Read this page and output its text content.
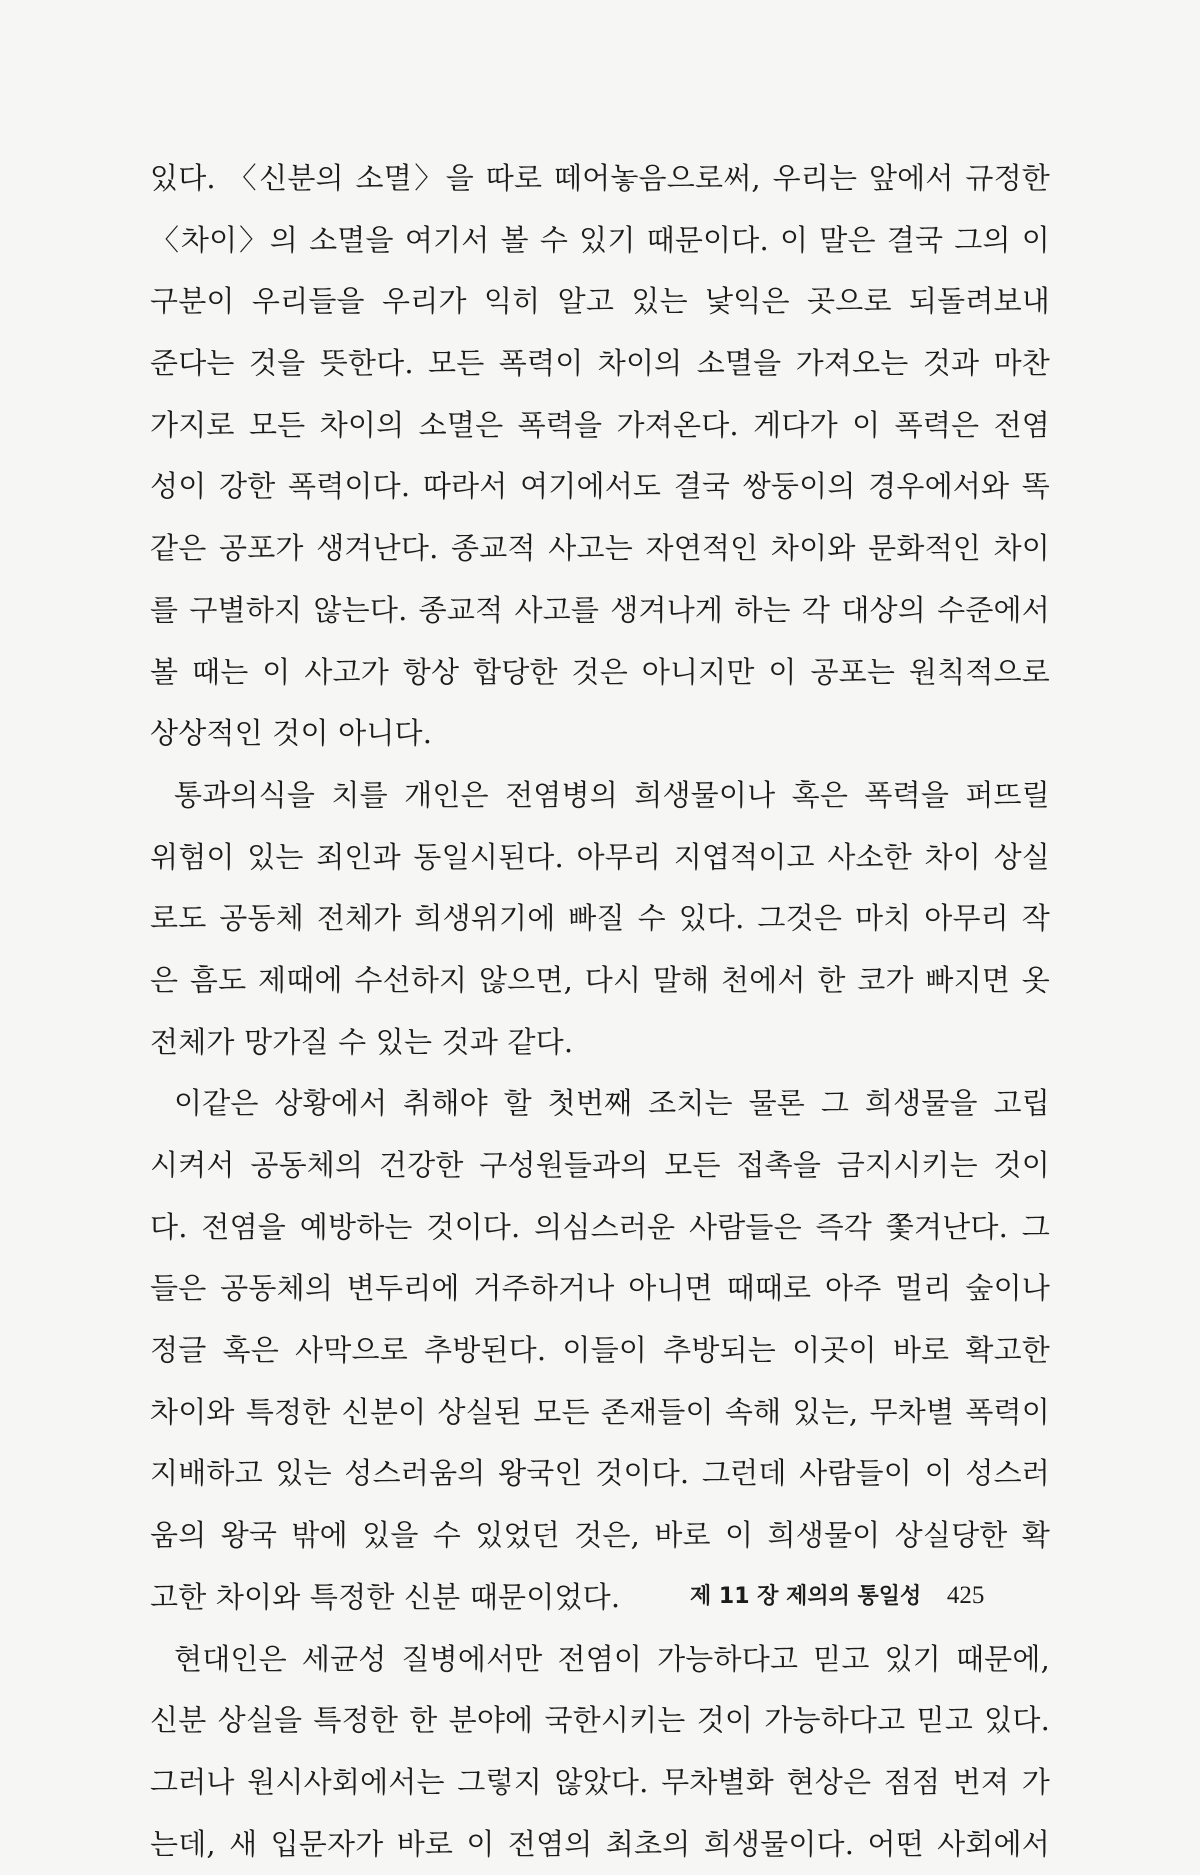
있다. 〈신분의 소멸〉을 따로 떼어놓음으로써, 우리는 앞에서 규정한
〈차이〉의 소멸을 여기서 볼 수 있기 때문이다. 이 말은 결국 그의 이
구분이 우리들을 우리가 익히 알고 있는 낯익은 곳으로 되돌려보내
준다는 것을 뜻한다. 모든 폭력이 차이의 소멸을 가져오는 것과 마찬
가지로 모든 차이의 소멸은 폭력을 가져온다. 게다가 이 폭력은 전염
성이 강한 폭력이다. 따라서 여기에서도 결국 쌍둥이의 경우에서와 똑
같은 공포가 생겨난다. 종교적 사고는 자연적인 차이와 문화적인 차이
를 구별하지 않는다. 종교적 사고를 생겨나게 하는 각 대상의 수준에서
볼 때는 이 사고가 항상 합당한 것은 아니지만 이 공포는 원칙적으로
상상적인 것이 아니다.
통과의식을 치를 개인은 전염병의 희생물이나 혹은 폭력을 퍼뜨릴
위험이 있는 죄인과 동일시된다. 아무리 지엽적이고 사소한 차이 상실
로도 공동체 전체가 희생위기에 빠질 수 있다. 그것은 마치 아무리 작
은 흠도 제때에 수선하지 않으면, 다시 말해 천에서 한 코가 빠지면 옷
전체가 망가질 수 있는 것과 같다.
이같은 상황에서 취해야 할 첫번째 조치는 물론 그 희생물을 고립
시켜서 공동체의 건강한 구성원들과의 모든 접촉을 금지시키는 것이
다. 전염을 예방하는 것이다. 의심스러운 사람들은 즉각 쫓겨난다. 그
들은 공동체의 변두리에 거주하거나 아니면 때때로 아주 멀리 숲이나
정글 혹은 사막으로 추방된다. 이들이 추방되는 이곳이 바로 확고한
차이와 특정한 신분이 상실된 모든 존재들이 속해 있는, 무차별 폭력이
지배하고 있는 성스러움의 왕국인 것이다. 그런데 사람들이 이 성스러
움의 왕국 밖에 있을 수 있었던 것은, 바로 이 희생물이 상실당한 확
고한 차이와 특정한 신분 때문이었다.
현대인은 세균성 질병에서만 전염이 가능하다고 믿고 있기 때문에,
신분 상실을 특정한 한 분야에 국한시키는 것이 가능하다고 믿고 있다.
그러나 원시사회에서는 그렇지 않았다. 무차별화 현상은 점점 번져 가
는데, 새 입문자가 바로 이 전염의 최초의 희생물이다. 어떤 사회에서
제 11 장 제의의 통일성 425
